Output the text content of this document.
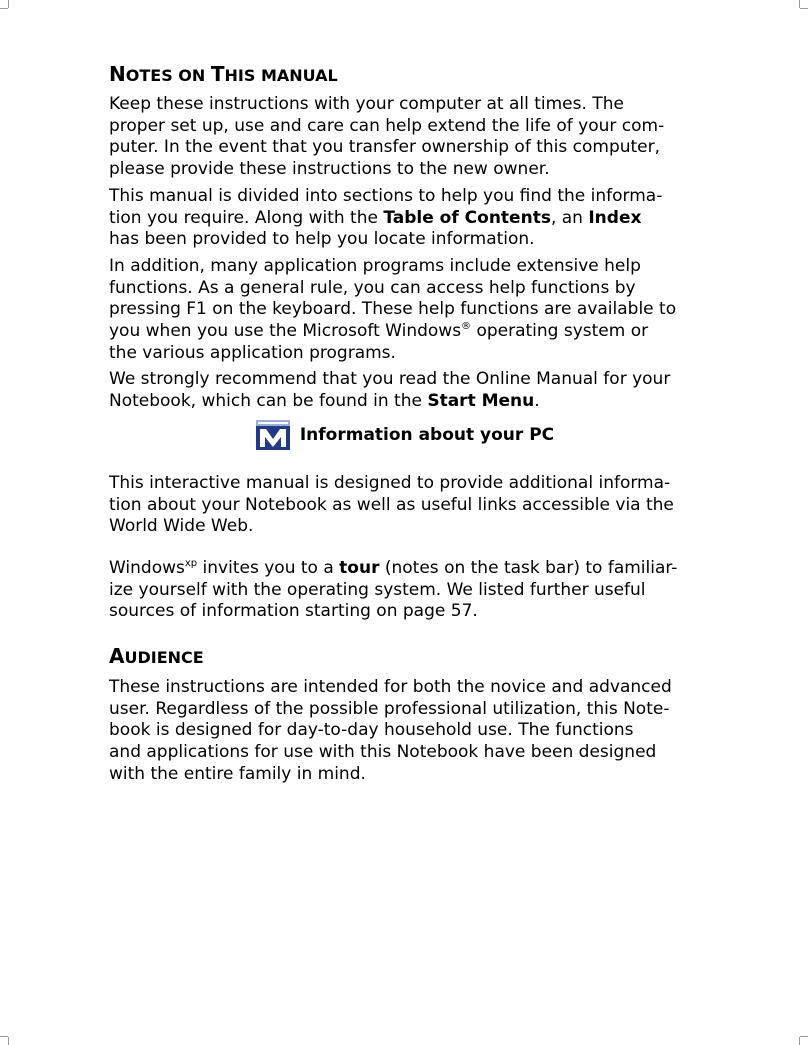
NOTES ON THIS MANUAL

Keep these instructions with your computer at all times. The
proper set up, use and care can help extend the life of your com-
puter. In the event that you transfer ownership of this computer,
please provide these instructions to the new owner.

This manual is divided into sections to help you find the informa-
tion you require. Along with the Table of Contents, an Index
has been provided to help you locate information.

In addition, many application programs include extensive help
functions. As a general rule, you can access help functions by
pressing F1 on the keyboard. These help functions are available to
you when you use the Microsoft Windows® operating system or
the various application programs.

We strongly recommend that you read the Online Manual for your
Notebook, which can be found in the Start Menu.

Information about your PC

This interactive manual is designed to provide additional informa-
tion about your Notebook as well as useful links accessible via the
World Wide Web.

Windows$^{xp}$ invites you to a tour (notes on the task bar) to familiar-
ize yourself with the operating system. We listed further useful
sources of information starting on page 57.

AUDIENCE

These instructions are intended for both the novice and advanced
user. Regardless of the possible professional utilization, this Note-
book is designed for day-to-day household use. The functions
and applications for use with this Notebook have been designed
with the entire family in mind.
